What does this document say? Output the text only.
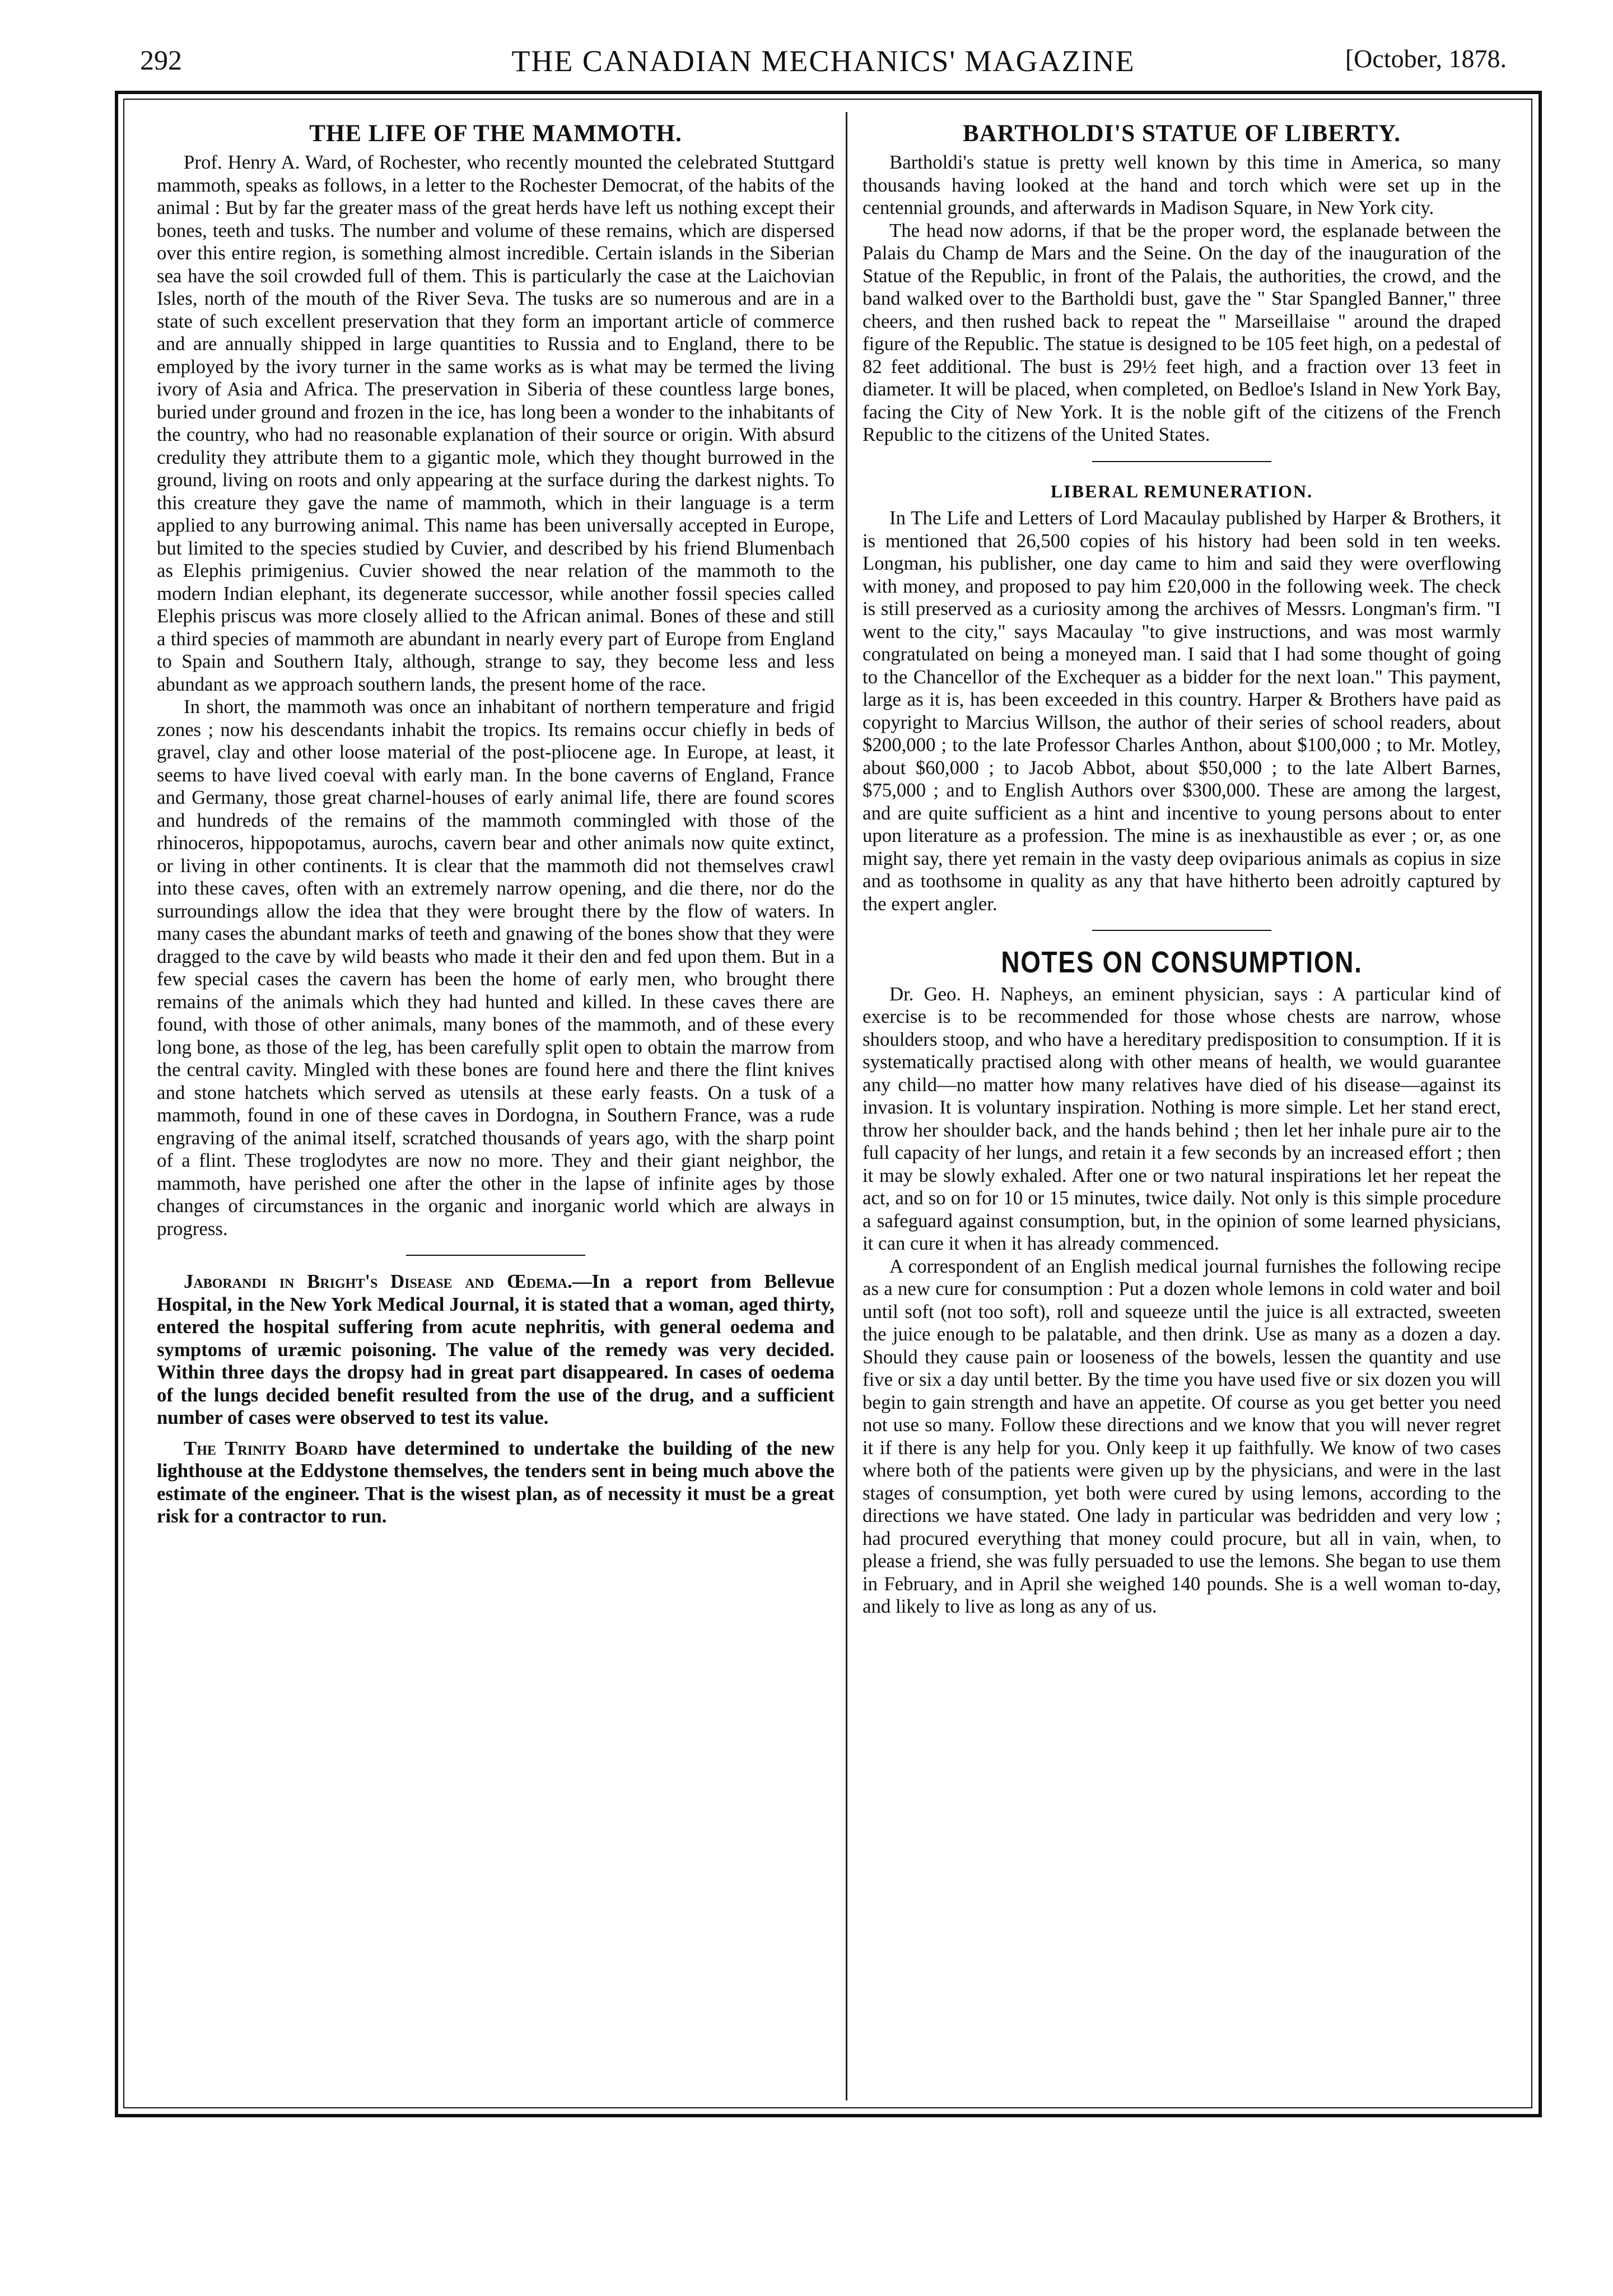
292	THE CANADIAN MECHANICS' MAGAZINE	[October, 1878.
THE LIFE OF THE MAMMOTH.

Prof. Henry A. Ward, of Rochester, who recently mounted the celebrated Stuttgard mammoth, speaks as follows, in a letter to the Rochester Democrat, of the habits of the animal : But by far the greater mass of the great herds have left us nothing except their bones, teeth and tusks. The number and volume of these remains, which are dispersed over this entire region, is something almost incredible. Certain islands in the Siberian sea have the soil crowded full of them. This is particularly the case at the Laichovian Isles, north of the mouth of the River Seva. The tusks are so numerous and are in a state of such excellent preservation that they form an important article of commerce and are annually shipped in large quantities to Russia and to England, there to be employed by the ivory turner in the same works as is what may be termed the living ivory of Asia and Africa. The preservation in Siberia of these countless large bones, buried under ground and frozen in the ice, has long been a wonder to the inhabitants of the country, who had no reasonable explanation of their source or origin. With absurd credulity they attribute them to a gigantic mole, which they thought burrowed in the ground, living on roots and only appearing at the surface during the darkest nights. To this creature they gave the name of mammoth, which in their language is a term applied to any burrowing animal. This name has been universally accepted in Europe, but limited to the species studied by Cuvier, and described by his friend Blumenbach as Elephis primigenius. Cuvier showed the near relation of the mammoth to the modern Indian elephant, its degenerate successor, while another fossil species called Elephis priscus was more closely allied to the African animal. Bones of these and still a third species of mammoth are abundant in nearly every part of Europe from England to Spain and Southern Italy, although, strange to say, they become less and less abundant as we approach southern lands, the present home of the race.

In short, the mammoth was once an inhabitant of northern temperature and frigid zones ; now his descendants inhabit the tropics. Its remains occur chiefly in beds of gravel, clay and other loose material of the post-pliocene age. In Europe, at least, it seems to have lived coeval with early man. In the bone caverns of England, France and Germany, those great charnel-houses of early animal life, there are found scores and hundreds of the remains of the mammoth commingled with those of the rhinoceros, hippopotamus, aurochs, cavern bear and other animals now quite extinct, or living in other continents. It is clear that the mammoth did not themselves crawl into these caves, often with an extremely narrow opening, and die there, nor do the surroundings allow the idea that they were brought there by the flow of waters. In many cases the abundant marks of teeth and gnawing of the bones show that they were dragged to the cave by wild beasts who made it their den and fed upon them. But in a few special cases the cavern has been the home of early men, who brought there remains of the animals which they had hunted and killed. In these caves there are found, with those of other animals, many bones of the mammoth, and of these every long bone, as those of the leg, has been carefully split open to obtain the marrow from the central cavity. Mingled with these bones are found here and there the flint knives and stone hatchets which served as utensils at these early feasts. On a tusk of a mammoth, found in one of these caves in Dordogna, in Southern France, was a rude engraving of the animal itself, scratched thousands of years ago, with the sharp point of a flint. These troglodytes are now no more. They and their giant neighbor, the mammoth, have perished one after the other in the lapse of infinite ages by those changes of circumstances in the organic and inorganic world which are always in progress.

Jaborandi in Bright's Disease and Œdema.—In a report from Bellevue Hospital, in the New York Medical Journal, it is stated that a woman, aged thirty, entered the hospital suffering from acute nephritis, with general oedema and symptoms of uræmic poisoning. The value of the remedy was very decided. Within three days the dropsy had in great part disappeared. In cases of oedema of the lungs decided benefit resulted from the use of the drug, and a sufficient number of cases were observed to test its value.

The Trinity Board have determined to undertake the building of the new lighthouse at the Eddystone themselves, the tenders sent in being much above the estimate of the engineer. That is the wisest plan, as of necessity it must be a great risk for a contractor to run.

BARTHOLDI'S STATUE OF LIBERTY.

Bartholdi's statue is pretty well known by this time in America, so many thousands having looked at the hand and torch which were set up in the centennial grounds, and afterwards in Madison Square, in New York city.

The head now adorns, if that be the proper word, the esplanade between the Palais du Champ de Mars and the Seine. On the day of the inauguration of the Statue of the Republic, in front of the Palais, the authorities, the crowd, and the band walked over to the Bartholdi bust, gave the " Star Spangled Banner," three cheers, and then rushed back to repeat the " Marseillaise " around the draped figure of the Republic. The statue is designed to be 105 feet high, on a pedestal of 82 feet additional. The bust is 29½ feet high, and a fraction over 13 feet in diameter. It will be placed, when completed, on Bedloe's Island in New York Bay, facing the City of New York. It is the noble gift of the citizens of the French Republic to the citizens of the United States.

LIBERAL REMUNERATION.

In The Life and Letters of Lord Macaulay published by Harper & Brothers, it is mentioned that 26,500 copies of his history had been sold in ten weeks. Longman, his publisher, one day came to him and said they were overflowing with money, and proposed to pay him £20,000 in the following week. The check is still preserved as a curiosity among the archives of Messrs. Longman's firm. "I went to the city," says Macaulay "to give instructions, and was most warmly congratulated on being a moneyed man. I said that I had some thought of going to the Chancellor of the Exchequer as a bidder for the next loan." This payment, large as it is, has been exceeded in this country. Harper & Brothers have paid as copyright to Marcius Willson, the author of their series of school readers, about $200,000 ; to the late Professor Charles Anthon, about $100,000 ; to Mr. Motley, about $60,000 ; to Jacob Abbot, about $50,000 ; to the late Albert Barnes, $75,000 ; and to English Authors over $300,000. These are among the largest, and are quite sufficient as a hint and incentive to young persons about to enter upon literature as a profession. The mine is as inexhaustible as ever ; or, as one might say, there yet remain in the vasty deep oviparious animals as copius in size and as toothsome in quality as any that have hitherto been adroitly captured by the expert angler.

NOTES ON CONSUMPTION.

Dr. Geo. H. Napheys, an eminent physician, says : A particular kind of exercise is to be recommended for those whose chests are narrow, whose shoulders stoop, and who have a hereditary predisposition to consumption. If it is systematically practised along with other means of health, we would guarantee any child—no matter how many relatives have died of his disease—against its invasion. It is voluntary inspiration. Nothing is more simple. Let her stand erect, throw her shoulder back, and the hands behind ; then let her inhale pure air to the full capacity of her lungs, and retain it a few seconds by an increased effort ; then it may be slowly exhaled. After one or two natural inspirations let her repeat the act, and so on for 10 or 15 minutes, twice daily. Not only is this simple procedure a safeguard against consumption, but, in the opinion of some learned physicians, it can cure it when it has already commenced.

A correspondent of an English medical journal furnishes the following recipe as a new cure for consumption : Put a dozen whole lemons in cold water and boil until soft (not too soft), roll and squeeze until the juice is all extracted, sweeten the juice enough to be palatable, and then drink. Use as many as a dozen a day. Should they cause pain or looseness of the bowels, lessen the quantity and use five or six a day until better. By the time you have used five or six dozen you will begin to gain strength and have an appetite. Of course as you get better you need not use so many. Follow these directions and we know that you will never regret it if there is any help for you. Only keep it up faithfully. We know of two cases where both of the patients were given up by the physicians, and were in the last stages of consumption, yet both were cured by using lemons, according to the directions we have stated. One lady in particular was bedridden and very low ; had procured everything that money could procure, but all in vain, when, to please a friend, she was fully persuaded to use the lemons. She began to use them in February, and in April she weighed 140 pounds. She is a well woman to-day, and likely to live as long as any of us.
